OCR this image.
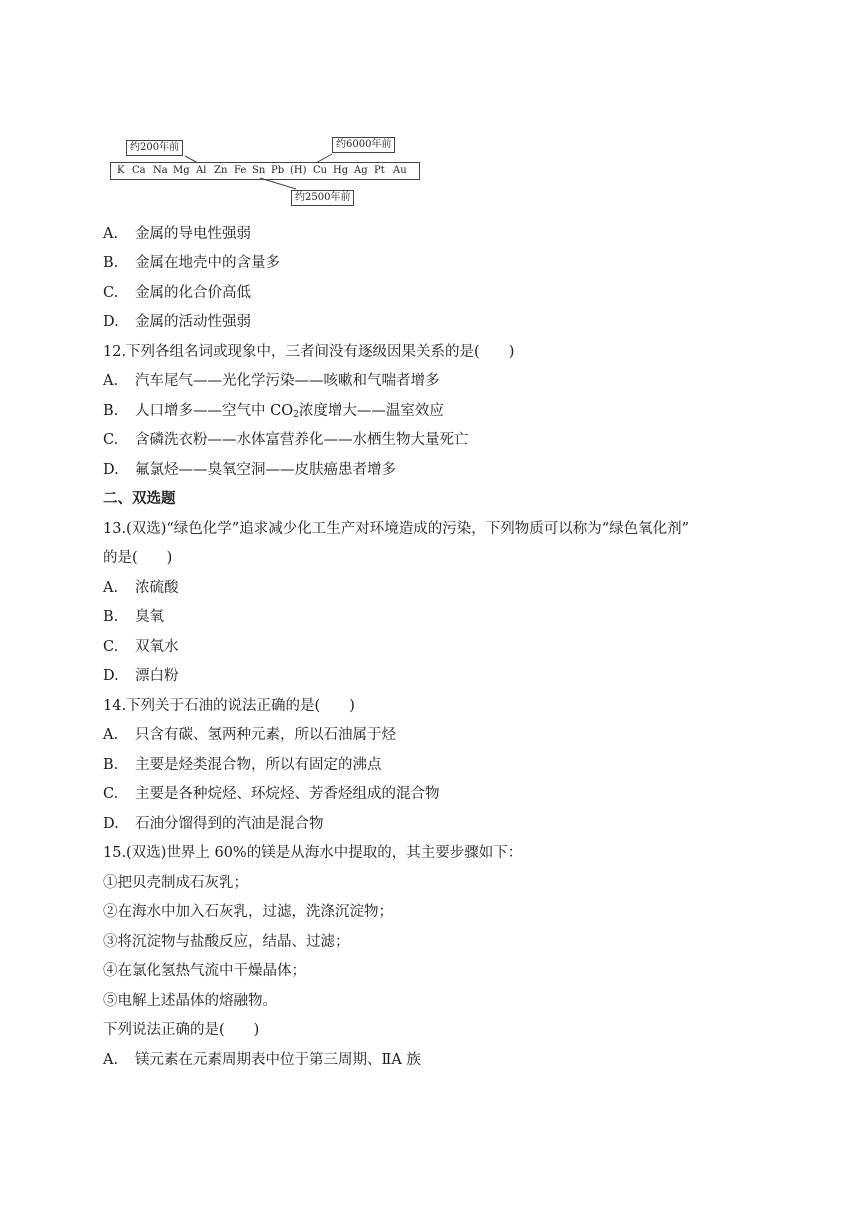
约200年前	约6000年前
约2500年前
K Ca Na Mg Al Zn Fe Sn Pb (H) Cu Hg Ag Pt Au
A. 金属的导电性强弱
B. 金属在地壳中的含量多
C. 金属的化合价高低
D. 金属的活动性强弱
12.下列各组名词或现象中，三者间没有逐级因果关系的是(　　)
A. 汽车尾气——光化学污染——咳嗽和气喘者增多
B. 人口增多——空气中 $CO_2$浓度增大——温室效应
C. 含磷洗衣粉——水体富营养化——水栖生物大量死亡
D. 氟氯烃——臭氧空洞——皮肤癌患者增多
二、双选题
13.(双选)“绿色化学”追求减少化工生产对环境造成的污染，下列物质可以称为“绿色氧化剂”
的是(　　)
A. 浓硫酸
B. 臭氧
C. 双氧水
D. 漂白粉
14.下列关于石油的说法正确的是(　　)
A. 只含有碳、氢两种元素，所以石油属于烃
B. 主要是烃类混合物，所以有固定的沸点
C. 主要是各种烷烃、环烷烃、芳香烃组成的混合物
D. 石油分馏得到的汽油是混合物
15.(双选)世界上 60%的镁是从海水中提取的，其主要步骤如下：
①把贝壳制成石灰乳；
②在海水中加入石灰乳，过滤，洗涤沉淀物；
③将沉淀物与盐酸反应，结晶、过滤；
④在氯化氢热气流中干燥晶体；
⑤电解上述晶体的熔融物。
下列说法正确的是(　　)
A. 镁元素在元素周期表中位于第三周期、ⅡA 族
